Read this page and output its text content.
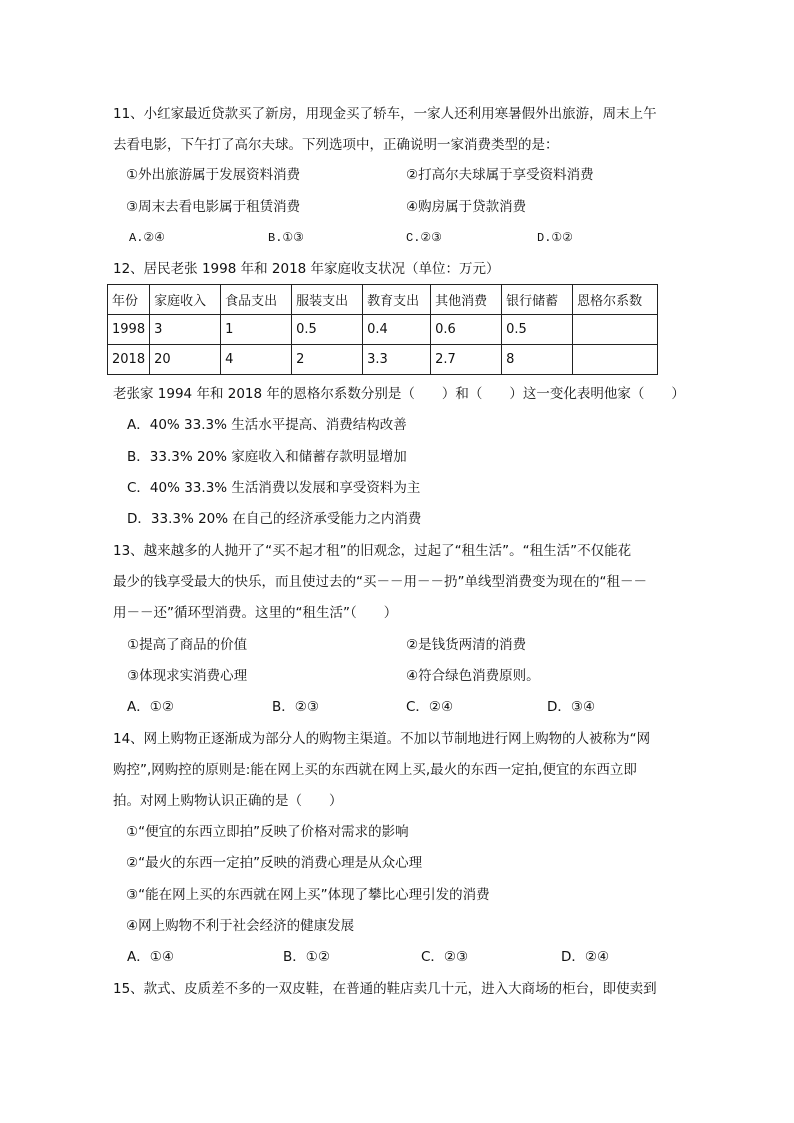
11、小红家最近贷款买了新房，用现金买了轿车，一家人还利用寒暑假外出旅游，周末上午
去看电影，下午打了高尔夫球。下列选项中，正确说明一家消费类型的是：
①外出旅游属于发展资料消费	②打高尔夫球属于享受资料消费
③周末去看电影属于租赁消费	④购房属于贷款消费
A.②④	B.①③	C.②③	D.①②
12、居民老张 1998 年和 2018 年家庭收支状况（单位：万元）
年份	家庭收入	食品支出	服装支出	教育支出	其他消费	银行储蓄	恩格尔系数
1998	3	1	0.5	0.4	0.6	0.5	
2018	20	4	2	3.3	2.7	8	
老张家 1994 年和 2018 年的恩格尔系数分别是（　　）和（　　）这一变化表明他家（　　）
A．40% 33.3% 生活水平提高、消费结构改善
B．33.3% 20% 家庭收入和储蓄存款明显增加
C．40% 33.3% 生活消费以发展和享受资料为主
D．33.3% 20% 在自己的经济承受能力之内消费
13、越来越多的人抛开了“买不起才租”的旧观念，过起了“租生活”。“租生活”不仅能花
最少的钱享受最大的快乐，而且使过去的“买－－用－－扔”单线型消费变为现在的“租－－
用－－还”循环型消费。这里的“租生活”（　　）
①提高了商品的价值	②是钱货两清的消费
③体现求实消费心理	④符合绿色消费原则。
A．①②	B．②③	C．②④	D．③④
14、网上购物正逐渐成为部分人的购物主渠道。不加以节制地进行网上购物的人被称为“网
购控”,网购控的原则是:能在网上买的东西就在网上买,最火的东西一定拍,便宜的东西立即
拍。对网上购物认识正确的是（　　）
①“便宜的东西立即拍”反映了价格对需求的影响
②“最火的东西一定拍”反映的消费心理是从众心理
③“能在网上买的东西就在网上买”体现了攀比心理引发的消费
④网上购物不利于社会经济的健康发展
A．①④	B．①②	C．②③	D．②④
15、款式、皮质差不多的一双皮鞋，在普通的鞋店卖几十元，进入大商场的柜台，即使卖到
